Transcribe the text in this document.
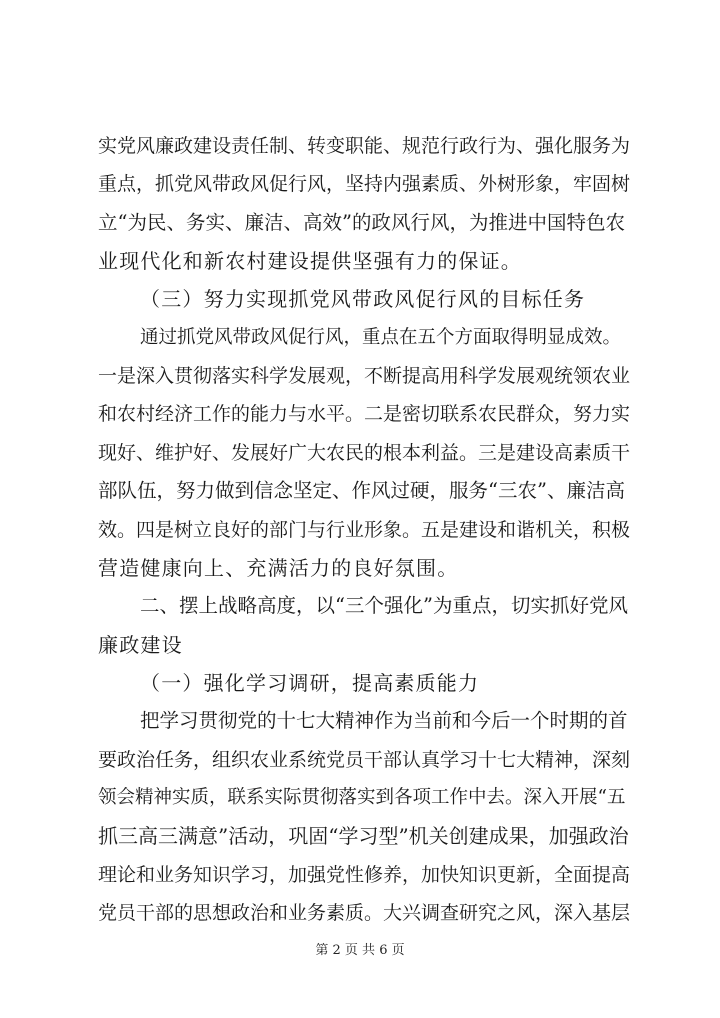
实党风廉政建设责任制、转变职能、规范行政行为、强化服务为
重点，抓党风带政风促行风，坚持内强素质、外树形象，牢固树
立“为民、务实、廉洁、高效”的政风行风，为推进中国特色农
业现代化和新农村建设提供坚强有力的保证。
（三）努力实现抓党风带政风促行风的目标任务
通过抓党风带政风促行风，重点在五个方面取得明显成效。
一是深入贯彻落实科学发展观，不断提高用科学发展观统领农业
和农村经济工作的能力与水平。二是密切联系农民群众，努力实
现好、维护好、发展好广大农民的根本利益。三是建设高素质干
部队伍，努力做到信念坚定、作风过硬，服务“三农”、廉洁高
效。四是树立良好的部门与行业形象。五是建设和谐机关，积极
营造健康向上、充满活力的良好氛围。
二、摆上战略高度，以“三个强化”为重点，切实抓好党风
廉政建设
（一）强化学习调研，提高素质能力
把学习贯彻党的十七大精神作为当前和今后一个时期的首
要政治任务，组织农业系统党员干部认真学习十七大精神，深刻
领会精神实质，联系实际贯彻落实到各项工作中去。深入开展“五
抓三高三满意”活动，巩固“学习型”机关创建成果，加强政治
理论和业务知识学习，加强党性修养，加快知识更新，全面提高
党员干部的思想政治和业务素质。大兴调查研究之风，深入基层
第 2 页 共 6 页
